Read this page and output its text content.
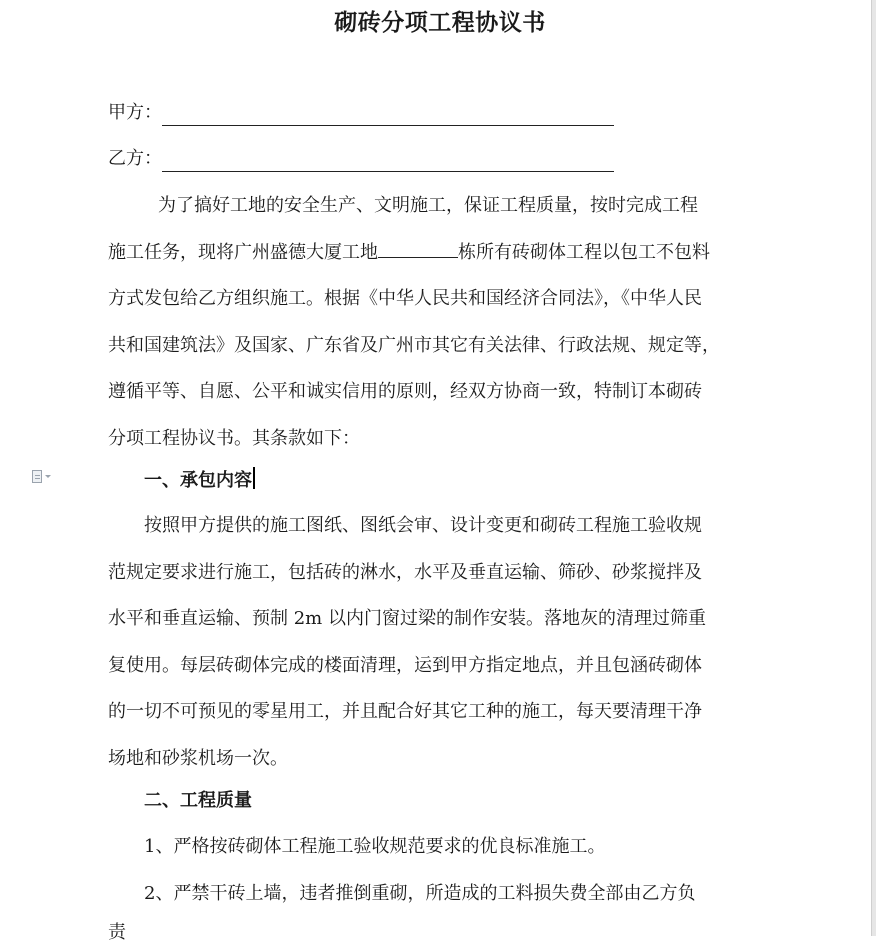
砌砖分项工程协议书
甲方：
乙方：
为了搞好工地的安全生产、文明施工，保证工程质量，按时完成工程
施工任务，现将广州盛德大厦工地	栋所有砖砌体工程以包工不包料
方式发包给乙方组织施工。根据《中华人民共和国经济合同法》，《中华人民
共和国建筑法》及国家、广东省及广州市其它有关法律、行政法规、规定等，
遵循平等、自愿、公平和诚实信用的原则，经双方协商一致，特制订本砌砖
分项工程协议书。其条款如下：
一、承包内容
按照甲方提供的施工图纸、图纸会审、设计变更和砌砖工程施工验收规
范规定要求进行施工，包括砖的淋水，水平及垂直运输、筛砂、砂浆搅拌及
水平和垂直运输、预制 2m 以内门窗过梁的制作安装。落地灰的清理过筛重
复使用。每层砖砌体完成的楼面清理，运到甲方指定地点，并且包涵砖砌体
的一切不可预见的零星用工，并且配合好其它工种的施工，每天要清理干净
场地和砂浆机场一次。
二、工程质量
1、严格按砖砌体工程施工验收规范要求的优良标准施工。
2、严禁干砖上墙，违者推倒重砌，所造成的工料损失费全部由乙方负
责
